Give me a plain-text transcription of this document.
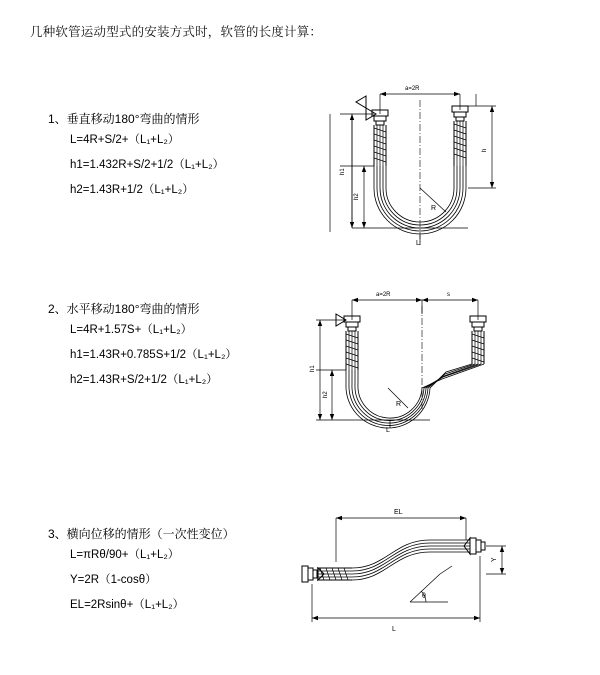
几种软管运动型式的安装方式时，软管的长度计算：
1、垂直移动180°弯曲的情形
L=4R+S/2+（L₁+L₂）
h1=1.432R+S/2+1/2（L₁+L₂）
h2=1.43R+1/2（L₁+L₂）
a=2R
R
h1
h2
L
h
2、水平移动180°弯曲的情形
L=4R+1.57S+（L₁+L₂）
h1=1.43R+0.785S+1/2（L₁+L₂）
h2=1.43R+S/2+1/2（L₁+L₂）
a=2R	s
R
h1
h2
L
3、横向位移的情形（一次性变位）
L=πRθ/90+（L₁+L₂）
Y=2R（1-cosθ）
EL=2Rsinθ+（L₁+L₂）
EL
Y
θ
L
